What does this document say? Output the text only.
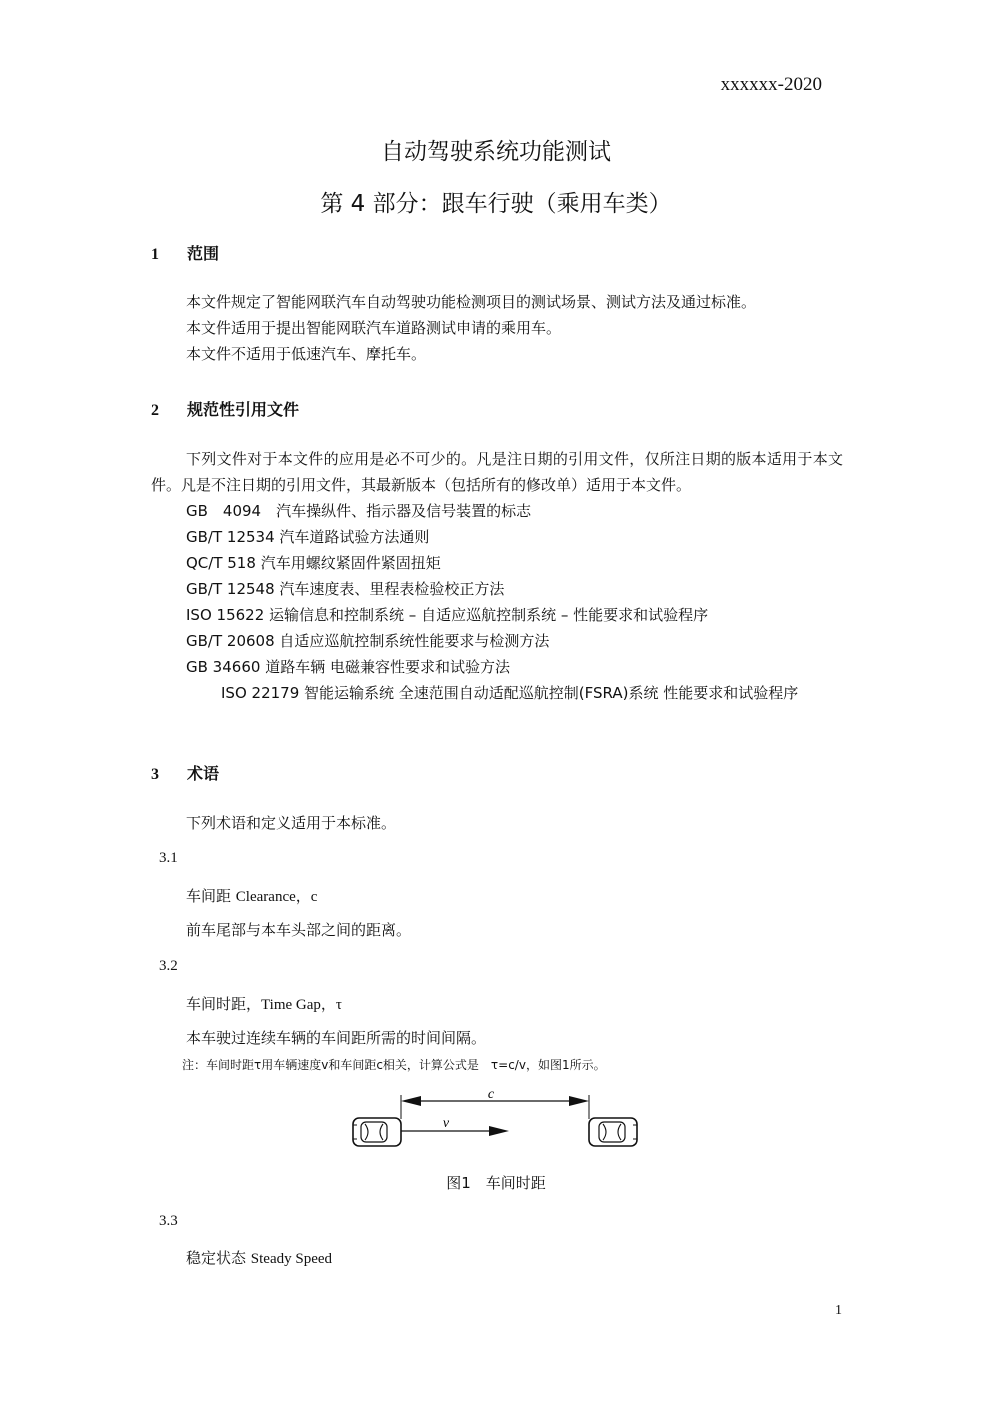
xxxxxx-2020
自动驾驶系统功能测试
第 4 部分：跟车行驶（乘用车类）
1 范围
本文件规定了智能网联汽车自动驾驶功能检测项目的测试场景、测试方法及通过标准。
本文件适用于提出智能网联汽车道路测试申请的乘用车。
本文件不适用于低速汽车、摩托车。
2 规范性引用文件
下列文件对于本文件的应用是必不可少的。凡是注日期的引用文件，仅所注日期的版本适用于本文件。凡是不注日期的引用文件，其最新版本（包括所有的修改单）适用于本文件。
GB　4094　 汽车操纵件、指示器及信号装置的标志
GB/T 12534 汽车道路试验方法通则
QC/T 518 汽车用螺纹紧固件紧固扭矩
GB/T 12548 汽车速度表、里程表检验校正方法
ISO 15622 运输信息和控制系统 – 自适应巡航控制系统 – 性能要求和试验程序
GB/T 20608 自适应巡航控制系统性能要求与检测方法
GB 34660 道路车辆 电磁兼容性要求和试验方法
ISO 22179 智能运输系统 全速范围自动适配巡航控制(FSRA)系统 性能要求和试验程序
3 术语
下列术语和定义适用于本标准。
3.1
车间距 Clearance，c
前车尾部与本车头部之间的距离。
3.2
车间时距，Time Gap，τ
本车驶过连续车辆的车间距所需的时间间隔。
注：车间时距τ用车辆速度v和车间距c相关，计算公式是　τ=c/v，如图1所示。
c
v
图1　车间时距
3.3
稳定状态 Steady Speed
1
